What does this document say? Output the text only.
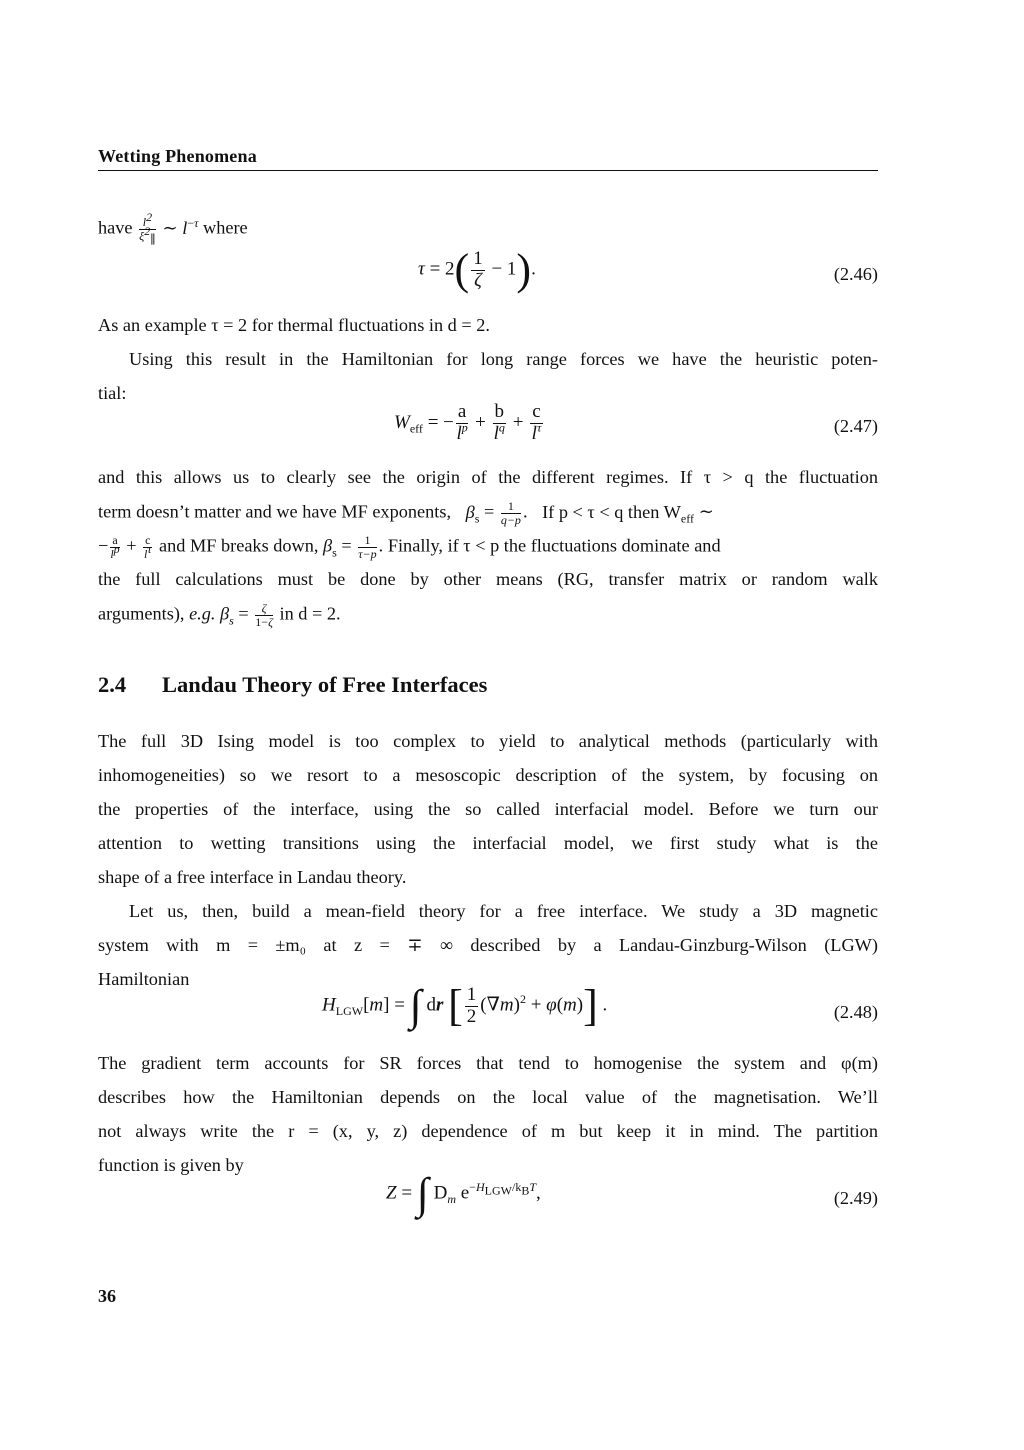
Wetting Phenomena
have $\frac{l^2}{\xi^2_\parallel}$ ∼ $l^{-\tau}$ where
$\tau = 2( \frac{1}{\zeta} - 1)$.	(2.46)
As an example τ = 2 for thermal fluctuations in d = 2.
Using this result in the Hamiltonian for long range forces we have the heuristic poten-
tial:
$W_{eff}$ = − $\frac{a}{l^p} + \frac{b}{l^q} + \frac{c}{l^\tau}$	(2.47)
and this allows us to clearly see the origin of the different regimes. If τ > q the fluctuation
term doesn’t matter and we have MF exponents, $\beta_s = \frac{1}{q-p}$ . If p < τ < q then $W_{eff}$ ∼
− $\frac{a}{l^p} + \frac{c}{l^\tau}$ and MF breaks down, $\beta_s = \frac{1}{\tau-p}$ . Finally, if τ < p the fluctuations dominate and
the full calculations must be done by other means (RG, transfer matrix or random walk
arguments), e.g. $\beta_s = \frac{\zeta}{1-\zeta}$ in d = 2.
2.4 Landau Theory of Free Interfaces
The full 3D Ising model is too complex to yield to analytical methods (particularly with
inhomogeneities) so we resort to a mesoscopic description of the system, by focusing on
the properties of the interface, using the so called interfacial model. Before we turn our
attention to wetting transitions using the interfacial model, we first study what is the
shape of a free interface in Landau theory.
Let us, then, build a mean-field theory for a free interface. We study a 3D magnetic
system with m = ±m₀ at z = ∓ ∞ described by a Landau-Ginzburg-Wilson (LGW)
Hamiltonian
$H_{LGW}[m]$ = ∫ dr [ $\frac{1}{2} (\nabla m)^2 + \varphi(m)$] .	(2.48)
The gradient term accounts for SR forces that tend to homogenise the system and φ(m)
describes how the Hamiltonian depends on the local value of the magnetisation. We’ll
not always write the r = (x, y, z) dependence of m but keep it in mind. The partition
function is given by
Z = ∫ $D_m$ $e^{-H_{LGW}/k_BT}$,	(2.49)
36
